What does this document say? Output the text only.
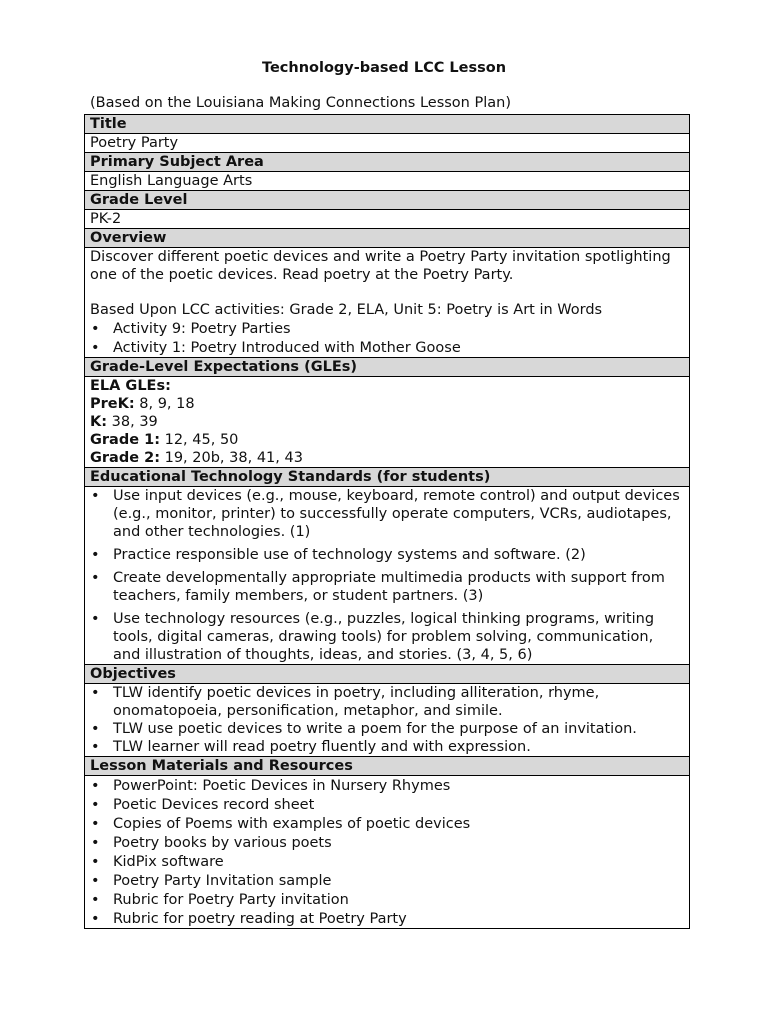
Technology-based LCC Lesson
(Based on the Louisiana Making Connections Lesson Plan)
Title
Poetry Party
Primary Subject Area
English Language Arts
Grade Level
PK-2
Overview

Discover different poetic devices and write a Poetry Party invitation spotlighting one of the poetic devices. Read poetry at the Poetry Party.

Based Upon LCC activities: Grade 2, ELA, Unit 5: Poetry is Art in Words

• Activity 9: Poetry Parties
• Activity 1: Poetry Introduced with Mother Goose

Grade-Level Expectations (GLEs)

ELA GLEs:

PreK: 8, 9, 18

K: 38, 39

Grade 1: 12, 45, 50

Grade 2: 19, 20b, 38, 41, 43

Educational Technology Standards (for students)

• Use input devices (e.g., mouse, keyboard, remote control) and output devices (e.g., monitor, printer) to successfully operate computers, VCRs, audiotapes, and other technologies. (1)
• Practice responsible use of technology systems and software. (2)
• Create developmentally appropriate multimedia products with support from teachers, family members, or student partners. (3)
• Use technology resources (e.g., puzzles, logical thinking programs, writing tools, digital cameras, drawing tools) for problem solving, communication, and illustration of thoughts, ideas, and stories. (3, 4, 5, 6)

Objectives

• TLW identify poetic devices in poetry, including alliteration, rhyme, onomatopoeia, personification, metaphor, and simile.
• TLW use poetic devices to write a poem for the purpose of an invitation.
• TLW learner will read poetry fluently and with expression.

Lesson Materials and Resources

• PowerPoint: Poetic Devices in Nursery Rhymes
• Poetic Devices record sheet
• Copies of Poems with examples of poetic devices
• Poetry books by various poets
• KidPix software
• Poetry Party Invitation sample
• Rubric for Poetry Party invitation
• Rubric for poetry reading at Poetry Party
